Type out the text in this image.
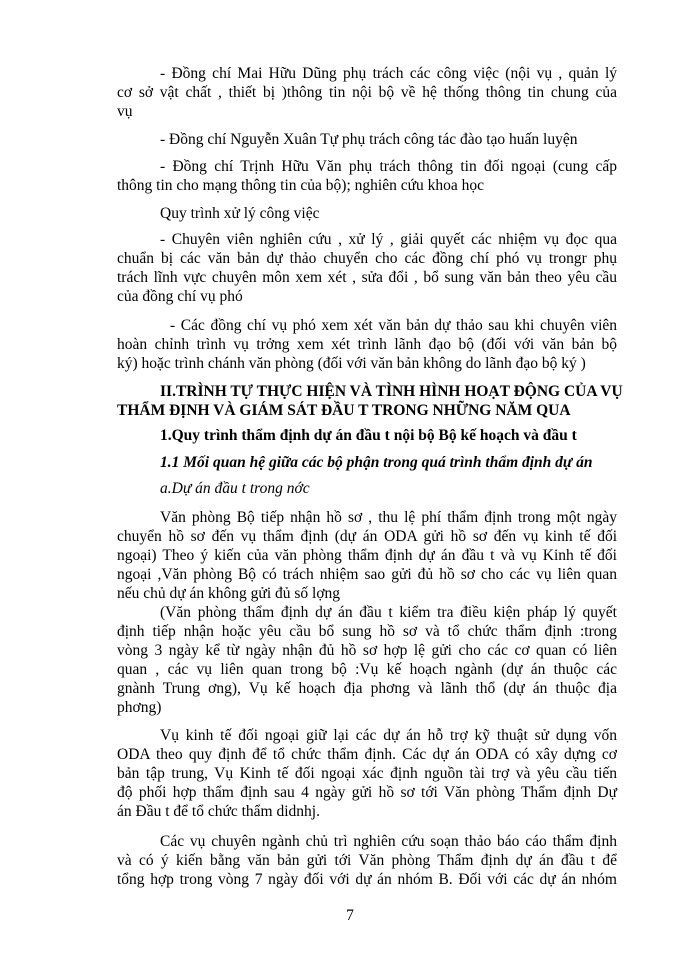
- Đồng chí Mai Hữu Dũng phụ trách các công việc (nội vụ , quản lý
cơ sở vật chất , thiết bị )thông tin nội bộ về hệ thống thông tin chung của
vụ
- Đồng chí Nguyễn Xuân Tự phụ trách công tác đào tạo huấn luyện
- Đồng chí Trịnh Hữu Văn phụ trách thông tin đối ngoại (cung cấp
thông tin cho mạng thông tin của bộ); nghiên cứu khoa học
Quy trình xử lý công việc
- Chuyên viên nghiên cứu , xử lý , giải quyết các nhiệm vụ đọc qua
chuẩn bị các văn bản dự thảo chuyển cho các đồng chí phó vụ trongr phụ
trách lĩnh vực chuyên môn xem xét , sửa đổi , bổ sung văn bản theo yêu cầu
của đồng chí vụ phó
- Các đồng chí vụ phó xem xét văn bản dự thảo sau khi chuyên viên
hoàn chỉnh trình vụ trởng xem xét trình lãnh đạo bộ (đối với văn bản bộ
ký) hoặc trình chánh văn phòng (đối với văn bản không do lãnh đạo bộ ký )
II.TRÌNH TỰ THỰC HIỆN VÀ TÌNH HÌNH HOẠT ĐỘNG CỦA VỤ
THẨM ĐỊNH VÀ GIÁM SÁT ĐẦU T TRONG NHỮNG NĂM QUA
1.Quy trình thẩm định dự án đầu t nội bộ Bộ kế hoạch và đầu t
1.1 Mối quan hệ giữa các bộ phận trong quá trình thẩm định dự án
a.Dự án đầu t trong nớc
Văn phòng Bộ tiếp nhận hồ sơ , thu lệ phí thẩm định trong một ngày
chuyển hồ sơ đến vụ thẩm định (dự án ODA gửi hồ sơ đến vụ kinh tế đối
ngoại) Theo ý kiến của văn phòng thẩm định dự án đầu t và vụ Kinh tế đối
ngoại ,Văn phòng Bộ có trách nhiệm sao gửi đủ hồ sơ cho các vụ liên quan
nếu chủ dự án không gửi đủ số lợng
(Văn phòng thẩm định dự án đầu t kiểm tra điều kiện pháp lý quyết
định tiếp nhận hoặc yêu cầu bổ sung hồ sơ và tổ chức thẩm định :trong
vòng 3 ngày kể từ ngày nhận đủ hồ sơ hợp lệ gửi cho các cơ quan có liên
quan , các vụ liên quan trong bộ :Vụ kế hoạch ngành (dự án thuộc các
gnành Trung ơng), Vụ kế hoạch địa phơng và lãnh thổ (dự án thuộc địa
phơng)
Vụ kinh tế đối ngoại giữ lại các dự án hỗ trợ kỹ thuật sử dụng vốn
ODA theo quy định để tổ chức thẩm định. Các dự án ODA có xây dựng cơ
bản tập trung, Vụ Kinh tế đối ngoại xác định nguồn tài trợ và yêu cầu tiến
độ phối hợp thẩm định sau 4 ngày gửi hồ sơ tới Văn phòng Thẩm định Dự
án Đầu t để tổ chức thẩm didnhj.
Các vụ chuyên ngành chủ trì nghiên cứu soạn thảo báo cáo thẩm định
và có ý kiến bằng văn bản gửi tới Văn phòng Thẩm định dự án đầu t để
tổng hợp trong vòng 7 ngày đối với dự án nhóm B. Đối với các dự án nhóm
7
